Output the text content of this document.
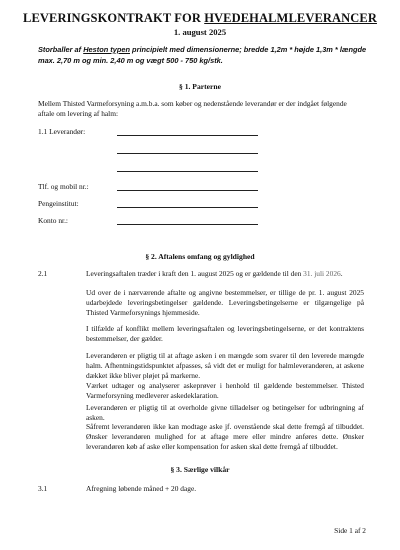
LEVERINGSKONTRAKT FOR HVEDEHALMLEVERANCER
1. august 2025
Storballer af Heston typen principielt med dimensionerne; bredde 1,2m * højde 1,3m * længde max. 2,70 m og min. 2,40 m og vægt 500 - 750 kg/stk.
§ 1. Parterne
Mellem Thisted Varmeforsyning a.m.b.a. som køber og nedenstående leverandør er der indgået følgende aftale om levering af halm:
1.1 Leverandør:
Tlf. og mobil nr.:
Pengeinstitut:
Konto nr.:
§ 2. Aftalens omfang og gyldighed
2.1	Leveringsaftalen træder i kraft den 1. august 2025 og er gældende til den 31. juli 2026.
Ud over de i nærværende aftalte og angivne bestemmelser, er tillige de pr. 1. august 2025 udarbejdede leveringsbetingelser gældende. Leveringsbetingelserne er tilgængelige på Thisted Varmeforsynings hjemmeside.
I tilfælde af konflikt mellem leveringsaftalen og leveringsbetingelserne, er det kontraktens bestemmelser, der gælder.
Leverandøren er pligtig til at aftage asken i en mængde som svarer til den leverede mængde halm. Afhentningstidspunktet afpasses, så vidt det er muligt for halmleverandøren, at askene dækket ikke bliver pløjet på markerne.
Værket udtager og analyserer askeprøver i henhold til gældende bestemmelser. Thisted Varmeforsyning medleverer askedeklaration.
Leverandøren er pligtig til at overholde givne tilladelser og betingelser for udbringning af asken.
Såfremt leverandøren ikke kan modtage aske jf. ovenstående skal dette fremgå af tilbuddet. Ønsker leverandøren mulighed for at aftage mere eller mindre anføres dette. Ønsker leverandøren køb af aske eller kompensation for asken skal dette fremgå af tilbuddet.
§ 3. Særlige vilkår
3.1	Afregning løbende måned + 20 dage.
Side 1 af 2
